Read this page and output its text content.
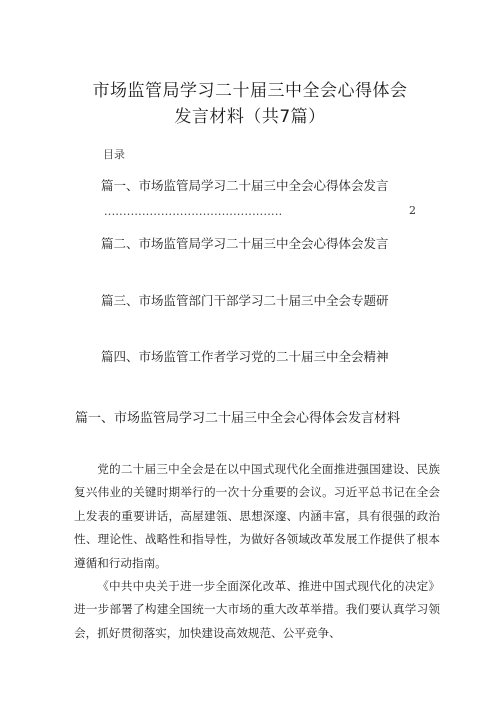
市场监管局学习二十届三中全会心得体会
发言材料（共7篇）
目录
篇一、市场监管局学习二十届三中全会心得体会发言
...............................................	2
篇二、市场监管局学习二十届三中全会心得体会发言
篇三、市场监管部门干部学习二十届三中全会专题研
篇四、市场监管工作者学习党的二十届三中全会精神
篇一、市场监管局学习二十届三中全会心得体会发言材料

党的二十届三中全会是在以中国式现代化全面推进强国建设、民族复兴伟业的关键时期举行的一次十分重要的会议。习近平总书记在全会上发表的重要讲话，高屋建瓴、思想深邃、内涵丰富，具有很强的政治性、理论性、战略性和指导性，为做好各领域改革发展工作提供了根本遵循和行动指南。

《中共中央关于进一步全面深化改革、推进中国式现代化的决定》进一步部署了构建全国统一大市场的重大改革举措。我们要认真学习领会，抓好贯彻落实，加快建设高效规范、公平竞争、
